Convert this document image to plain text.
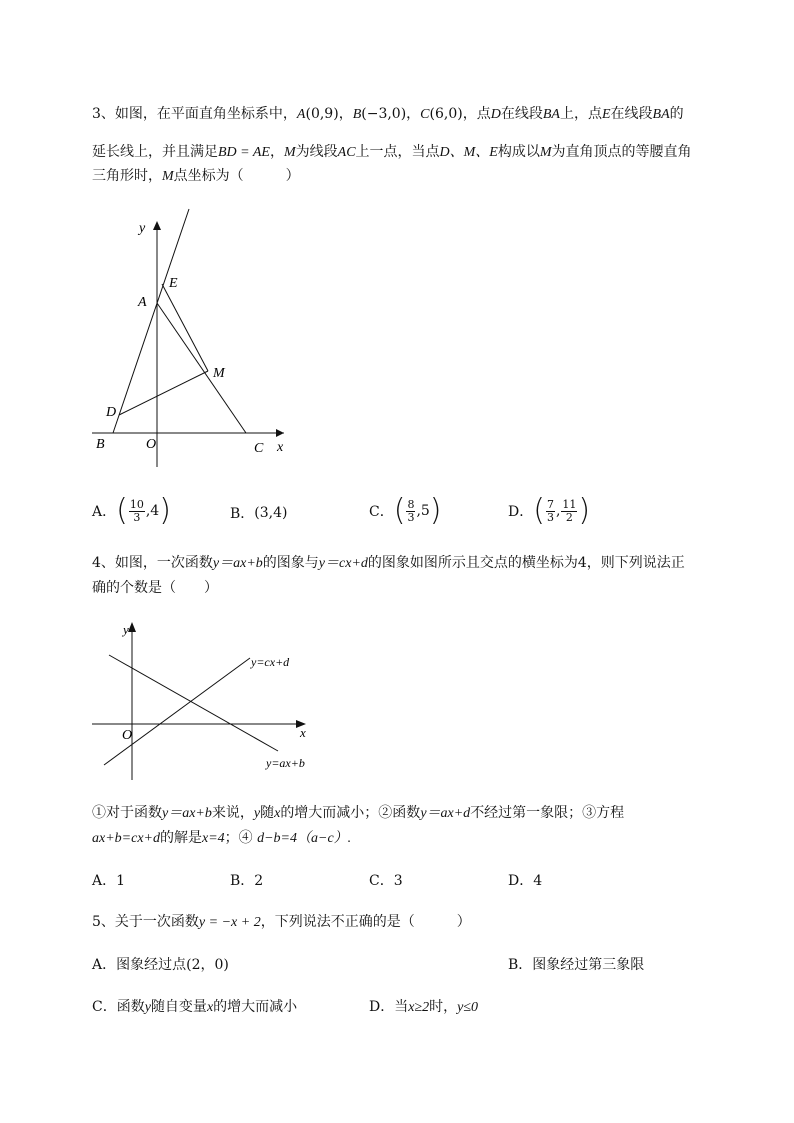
3、如图，在平面直角坐标系中，A(0,9)，B(−3,0)，C(6,0)，点D在线段BA上，点E在线段BA的
延长线上，并且满足BD = AE，M为线段AC上一点，当点D、M、E构成以M为直角顶点的等腰直角
三角形时，M点坐标为（　　　）
y
x
A
E
M
D
B	O	C
A． ( $\frac{10}{3} ,4$ )	B． (3,4)	C． ( $\frac{8}{3} ,5$ )	D． ( $\frac{7}{3}$ , $\frac{11}{2}$ )
4、如图，一次函数y＝ax+b的图象与y＝cx+d的图象如图所示且交点的横坐标为4，则下列说法正
确的个数是（　　）
y
x
O
y=cx+d
y=ax+b
①对于函数y＝ax+b来说，y随x的增大而减小；②函数y＝ax+d不经过第一象限；③方程
ax+b=cx+d的解是x=4；④ d−b=4（a−c）.
A．1	B．2	C．3	D．4
5、关于一次函数y = −x + 2，下列说法不正确的是（　　　）
A．图象经过点(2，0)	B．图象经过第三象限
C．函数y随自变量x的增大而减小	D．当x≥2时，y≤0
